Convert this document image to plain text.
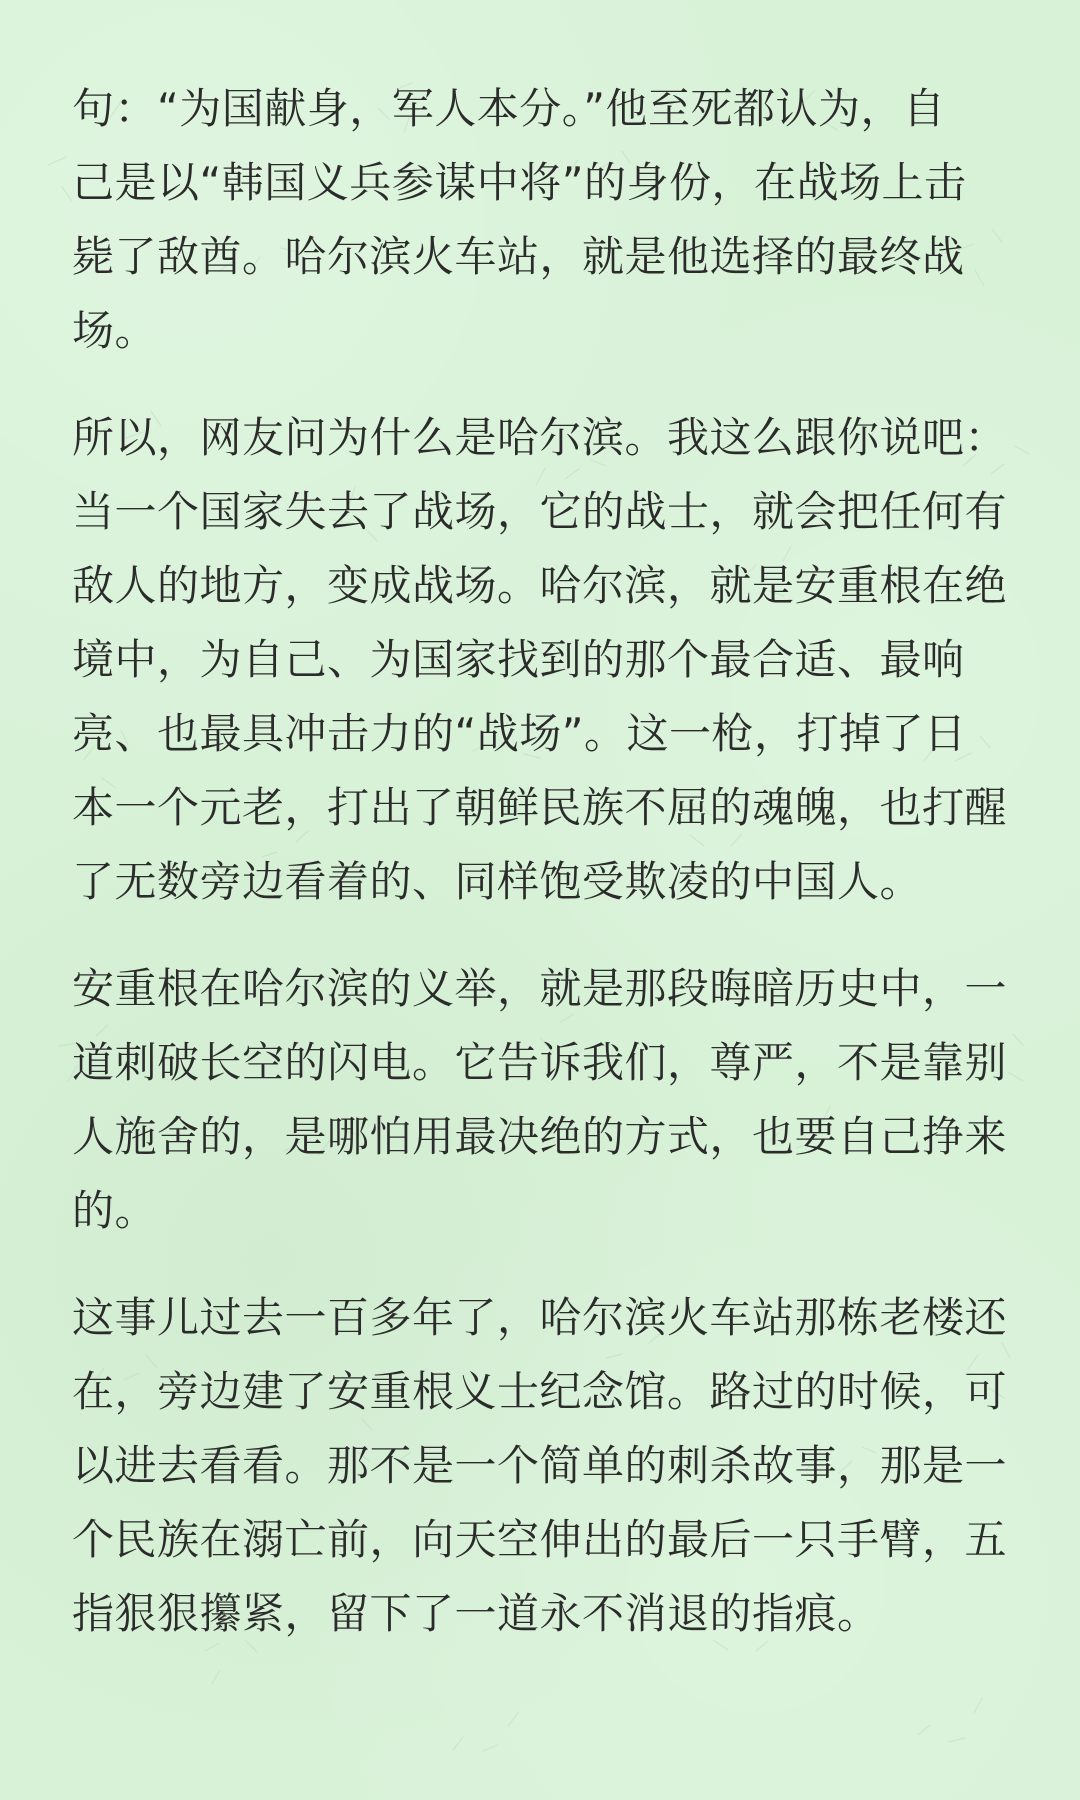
句：“为国献身，军人本分。”他至死都认为，自
己是以“韩国义兵参谋中将”的身份，在战场上击
毙了敌酋。哈尔滨火车站，就是他选择的最终战
场。
所以，网友问为什么是哈尔滨。我这么跟你说吧：
当一个国家失去了战场，它的战士，就会把任何有
敌人的地方，变成战场。哈尔滨，就是安重根在绝
境中，为自己、为国家找到的那个最合适、最响
亮、也最具冲击力的“战场”。这一枪，打掉了日
本一个元老，打出了朝鲜民族不屈的魂魄，也打醒
了无数旁边看着的、同样饱受欺凌的中国人。
安重根在哈尔滨的义举，就是那段晦暗历史中，一
道刺破长空的闪电。它告诉我们，尊严，不是靠别
人施舍的，是哪怕用最决绝的方式，也要自己挣来
的。
这事儿过去一百多年了，哈尔滨火车站那栋老楼还
在，旁边建了安重根义士纪念馆。路过的时候，可
以进去看看。那不是一个简单的刺杀故事，那是一
个民族在溺亡前，向天空伸出的最后一只手臂，五
指狠狠攥紧，留下了一道永不消退的指痕。
